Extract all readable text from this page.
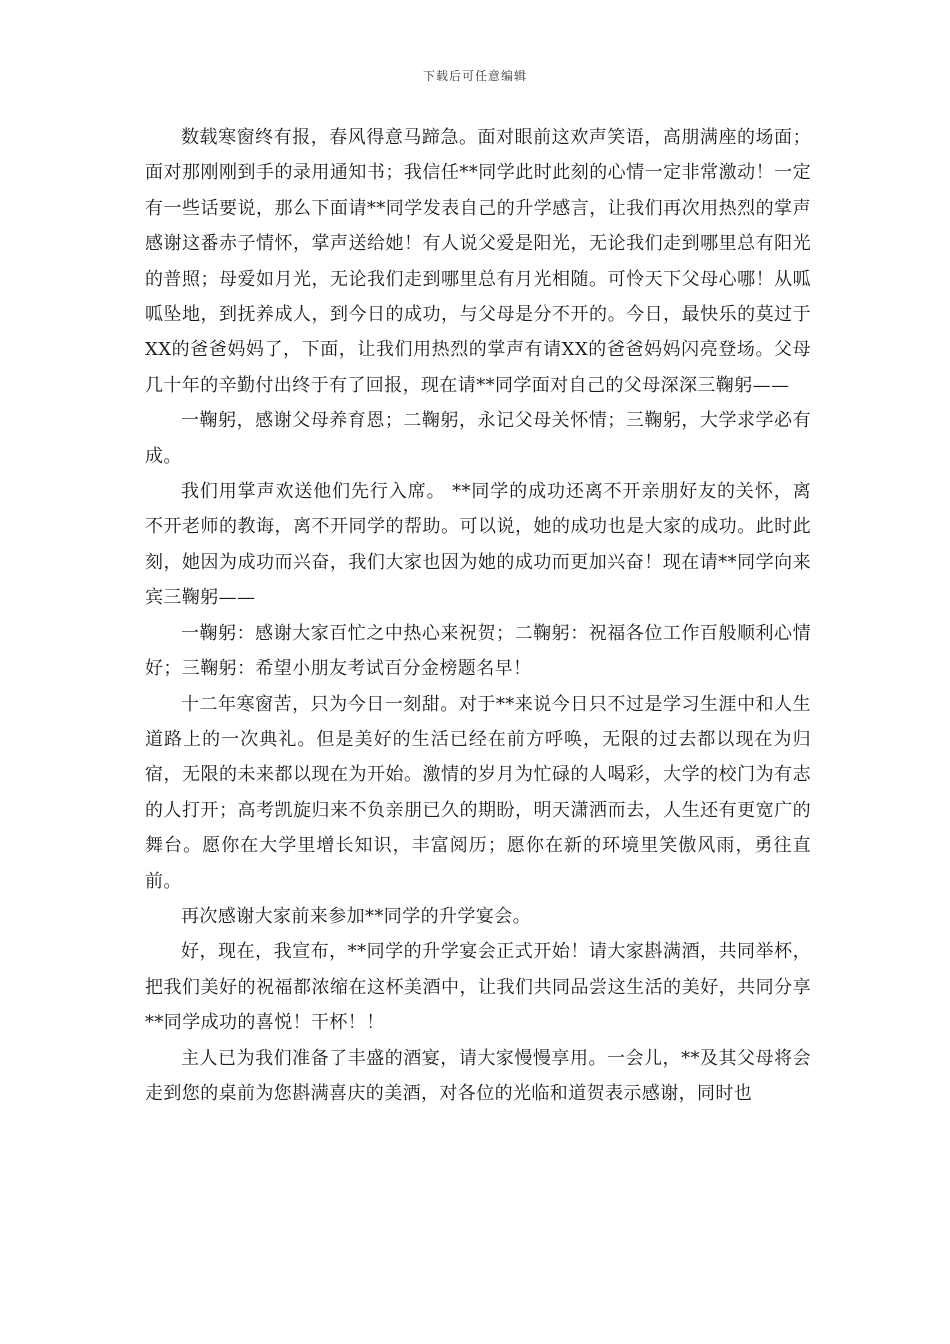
下载后可任意编辑

数载寒窗终有报，春风得意马蹄急。面对眼前这欢声笑语，高朋满座的场面；面对那刚刚到手的录用通知书；我信任**同学此时此刻的心情一定非常激动！一定有一些话要说，那么下面请**同学发表自己的升学感言，让我们再次用热烈的掌声感谢这番赤子情怀，掌声送给她！有人说父爱是阳光，无论我们走到哪里总有阳光的普照；母爱如月光，无论我们走到哪里总有月光相随。可怜天下父母心哪！从呱呱坠地，到抚养成人，到今日的成功，与父母是分不开的。今日，最快乐的莫过于XX的爸爸妈妈了，下面，让我们用热烈的掌声有请XX的爸爸妈妈闪亮登场。父母几十年的辛勤付出终于有了回报，现在请**同学面对自己的父母深深三鞠躬——

一鞠躬，感谢父母养育恩；二鞠躬，永记父母关怀情；三鞠躬，大学求学必有成。

我们用掌声欢送他们先行入席。 **同学的成功还离不开亲朋好友的关怀，离不开老师的教诲，离不开同学的帮助。可以说，她的成功也是大家的成功。此时此刻，她因为成功而兴奋，我们大家也因为她的成功而更加兴奋！现在请**同学向来宾三鞠躬——

一鞠躬：感谢大家百忙之中热心来祝贺；二鞠躬：祝福各位工作百般顺利心情好；三鞠躬：希望小朋友考试百分金榜题名早！

十二年寒窗苦，只为今日一刻甜。对于**来说今日只不过是学习生涯中和人生道路上的一次典礼。但是美好的生活已经在前方呼唤，无限的过去都以现在为归宿，无限的未来都以现在为开始。激情的岁月为忙碌的人喝彩，大学的校门为有志的人打开；高考凯旋归来不负亲朋已久的期盼，明天潇洒而去，人生还有更宽广的舞台。愿你在大学里增长知识，丰富阅历；愿你在新的环境里笑傲风雨，勇往直前。

再次感谢大家前来参加**同学的升学宴会。

好，现在，我宣布，**同学的升学宴会正式开始！请大家斟满酒，共同举杯，把我们美好的祝福都浓缩在这杯美酒中，让我们共同品尝这生活的美好，共同分享**同学成功的喜悦！干杯！！

主人已为我们准备了丰盛的酒宴，请大家慢慢享用。一会儿，**及其父母将会走到您的桌前为您斟满喜庆的美酒，对各位的光临和道贺表示感谢，同时也
